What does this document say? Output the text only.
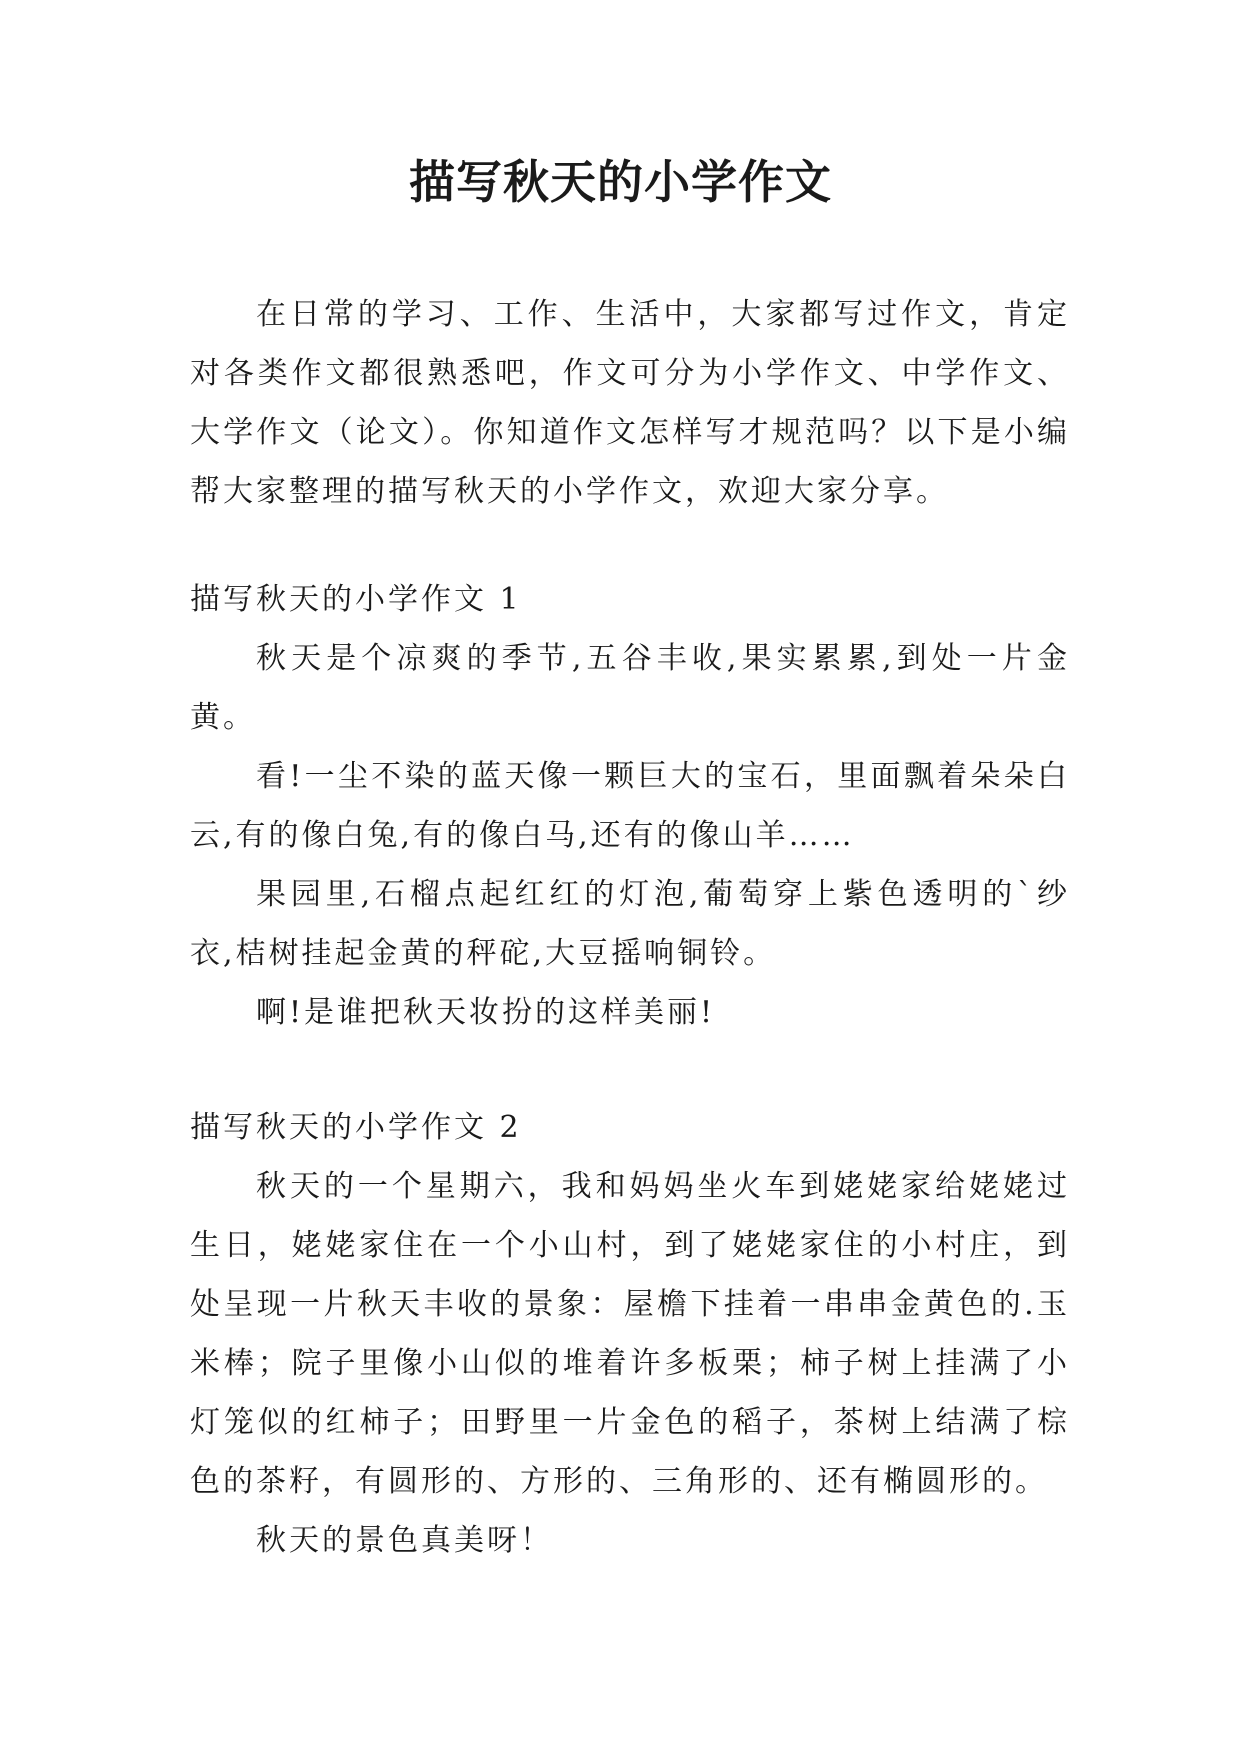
描写秋天的小学作文

在日常的学习、工作、生活中，大家都写过作文，肯定对各类作文都很熟悉吧，作文可分为小学作文、中学作文、大学作文（论文）。你知道作文怎样写才规范吗？以下是小编帮大家整理的描写秋天的小学作文，欢迎大家分享。

描写秋天的小学作文 1

秋天是个凉爽的季节,五谷丰收,果实累累,到处一片金黄。

看!一尘不染的蓝天像一颗巨大的宝石，里面飘着朵朵白云,有的像白兔,有的像白马,还有的像山羊……

果园里,石榴点起红红的灯泡,葡萄穿上紫色透明的`纱衣,桔树挂起金黄的秤砣,大豆摇响铜铃。

啊!是谁把秋天妆扮的这样美丽!

描写秋天的小学作文 2

秋天的一个星期六，我和妈妈坐火车到姥姥家给姥姥过生日，姥姥家住在一个小山村，到了姥姥家住的小村庄，到处呈现一片秋天丰收的景象：屋檐下挂着一串串金黄色的.玉米棒；院子里像小山似的堆着许多板栗；柿子树上挂满了小灯笼似的红柿子；田野里一片金色的稻子，茶树上结满了棕色的茶籽，有圆形的、方形的、三角形的、还有椭圆形的。

秋天的景色真美呀！
